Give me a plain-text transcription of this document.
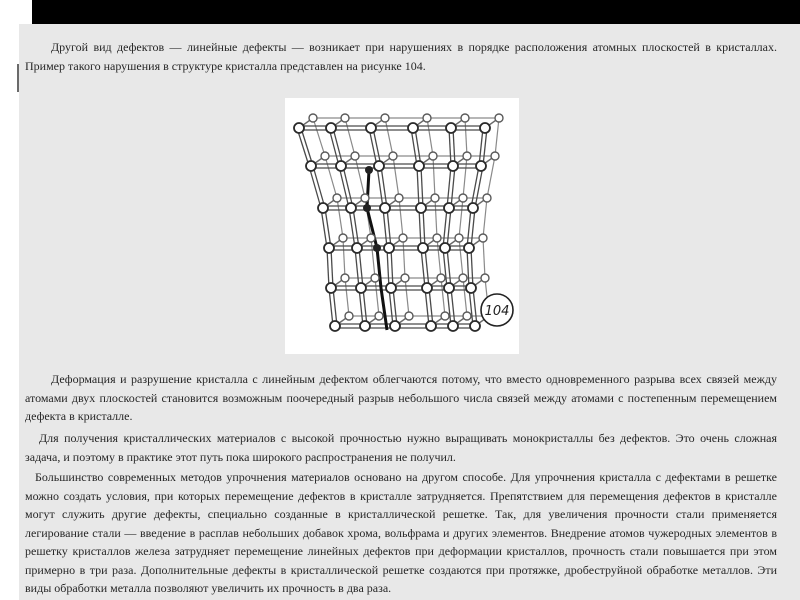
Другой вид дефектов — линейные дефекты — возникает при нарушениях в порядке расположения атомных плоскостей в кристаллах. Пример такого нарушения в структуре кристалла представлен на рисунке 104.

104

Деформация и разрушение кристалла с линейным дефектом облегчаются потому, что вместо одновременного разрыва всех связей между атомами двух плоскостей становится возможным поочередный разрыв небольшого числа связей между атомами с постепенным перемещением дефекта в кристалле.

Для получения кристаллических материалов с высокой прочностью нужно выращивать монокристаллы без дефектов. Это очень сложная задача, и поэтому в практике этот путь пока широкого распространения не получил.

Большинство современных методов упрочнения материалов основано на другом способе. Для упрочнения кристалла с дефектами в решетке можно создать условия, при которых перемещение дефектов в кристалле затрудняется. Препятствием для перемещения дефектов в кристалле могут служить другие дефекты, специально созданные в кристаллической решетке. Так, для увеличения прочности стали применяется легирование стали — введение в расплав небольших добавок хрома, вольфрама и других элементов. Внедрение атомов чужеродных элементов в решетку кристаллов железа затрудняет перемещение линейных дефектов при деформации кристаллов, прочность стали повышается при этом примерно в три раза. Дополнительные дефекты в кристаллической решетке создаются при протяжке, дробеструйной обработке металлов. Эти виды обработки металла позволяют увеличить их прочность в два раза.
